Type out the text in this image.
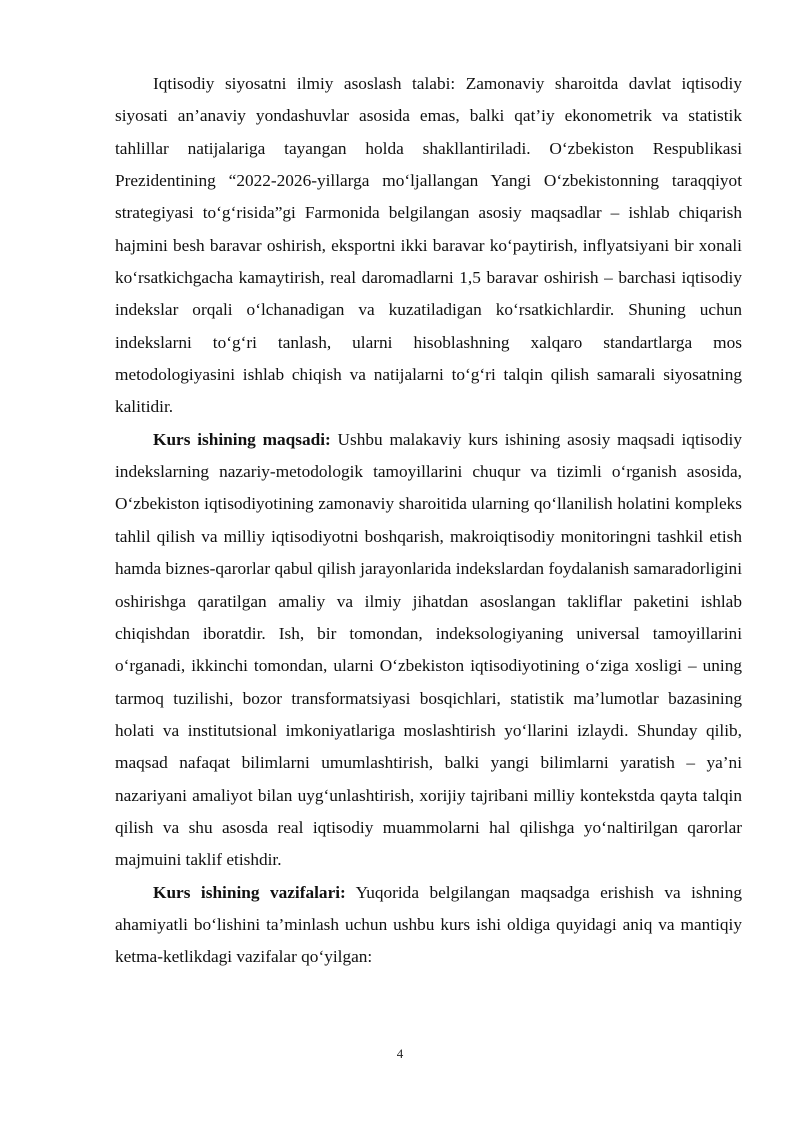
Iqtisodiy siyosatni ilmiy asoslash talabi: Zamonaviy sharoitda davlat iqtisodiy siyosati an’anaviy yondashuvlar asosida emas, balki qat’iy ekonometrik va statistik tahlillar natijalariga tayangan holda shakllantiriladi. O‘zbekiston Respublikasi Prezidentining “2022-2026-yillarga mo‘ljallangan Yangi O‘zbekistonning taraqqiyot strategiyasi to‘g‘risida”gi Farmonida belgilangan asosiy maqsadlar – ishlab chiqarish hajmini besh baravar oshirish, eksportni ikki baravar ko‘paytirish, inflyatsiyani bir xonali ko‘rsatkichgacha kamaytirish, real daromadlarni 1,5 baravar oshirish – barchasi iqtisodiy indekslar orqali o‘lchanadigan va kuzatiladigan ko‘rsatkichlardir. Shuning uchun indekslarni to‘g‘ri tanlash, ularni hisoblashning xalqaro standartlarga mos metodologiyasini ishlab chiqish va natijalarni to‘g‘ri talqin qilish samarali siyosatning kalitidir.

Kurs ishining maqsadi: Ushbu malakaviy kurs ishining asosiy maqsadi iqtisodiy indekslarning nazariy-metodologik tamoyillarini chuqur va tizimli o‘rganish asosida, O‘zbekiston iqtisodiyotining zamonaviy sharoitida ularning qo‘llanilish holatini kompleks tahlil qilish va milliy iqtisodiyotni boshqarish, makroiqtisodiy monitoringni tashkil etish hamda biznes-qarorlar qabul qilish jarayonlarida indekslardan foydalanish samaradorligini oshirishga qaratilgan amaliy va ilmiy jihatdan asoslangan takliflar paketini ishlab chiqishdan iboratdir. Ish, bir tomondan, indeksologiyaning universal tamoyillarini o‘rganadi, ikkinchi tomondan, ularni O‘zbekiston iqtisodiyotining o‘ziga xosligi – uning tarmoq tuzilishi, bozor transformatsiyasi bosqichlari, statistik ma’lumotlar bazasining holati va institutsional imkoniyatlariga moslashtirish yo‘llarini izlaydi. Shunday qilib, maqsad nafaqat bilimlarni umumlashtirish, balki yangi bilimlarni yaratish – ya’ni nazariyani amaliyot bilan uyg‘unlashtirish, xorijiy tajribani milliy kontekstda qayta talqin qilish va shu asosda real iqtisodiy muammolarni hal qilishga yo‘naltirilgan qarorlar majmuini taklif etishdir.

Kurs ishining vazifalari: Yuqorida belgilangan maqsadga erishish va ishning ahamiyatli bo‘lishini ta’minlash uchun ushbu kurs ishi oldiga quyidagi aniq va mantiqiy ketma-ketlikdagi vazifalar qo‘yilgan:

4
